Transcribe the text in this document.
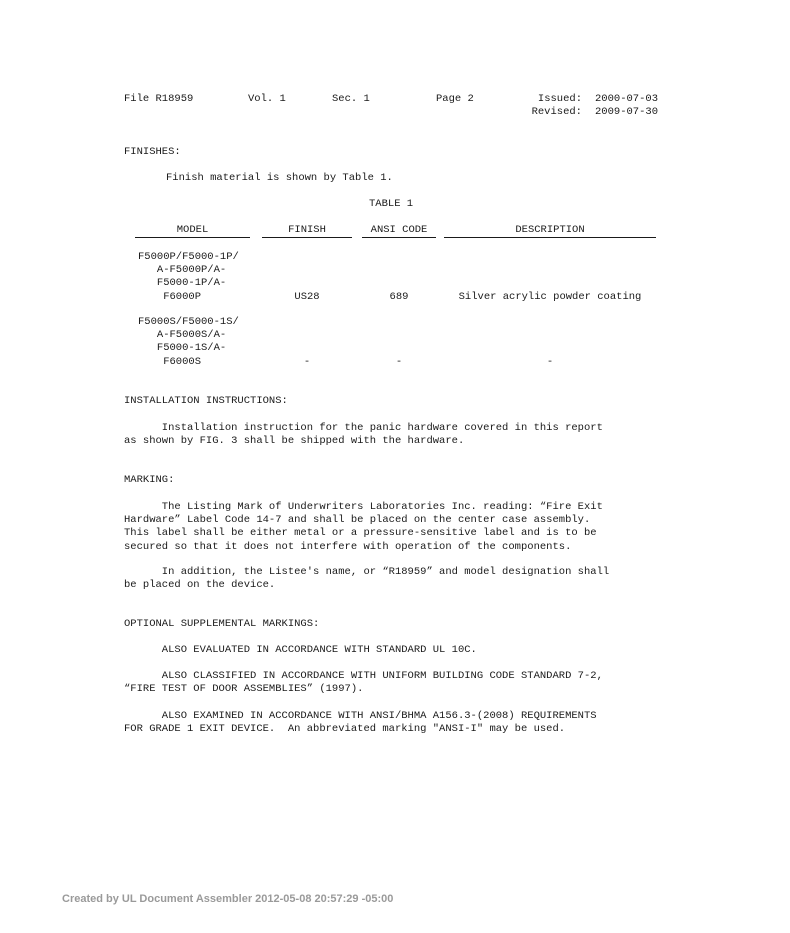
File R18959	Vol. 1	Sec. 1	Page 2	Issued: 2000-07-03
Revised: 2009-07-30
FINISHES:
Finish material is shown by Table 1.
TABLE 1
MODEL	FINISH	ANSI CODE	DESCRIPTION
F5000P/F5000-1P/
A-F5000P/A-
F5000-1P/A-
F6000P	US28	689	Silver acrylic powder coating
F5000S/F5000-1S/
A-F5000S/A-
F5000-1S/A-
F6000S	-	-	-
INSTALLATION INSTRUCTIONS:
Installation instruction for the panic hardware covered in this report
as shown by FIG. 3 shall be shipped with the hardware.
MARKING:
The Listing Mark of Underwriters Laboratories Inc. reading: “Fire Exit
Hardware” Label Code 14-7 and shall be placed on the center case assembly.
This label shall be either metal or a pressure-sensitive label and is to be
secured so that it does not interfere with operation of the components.
In addition, the Listee's name, or “R18959” and model designation shall
be placed on the device.
OPTIONAL SUPPLEMENTAL MARKINGS:
ALSO EVALUATED IN ACCORDANCE WITH STANDARD UL 10C.
ALSO CLASSIFIED IN ACCORDANCE WITH UNIFORM BUILDING CODE STANDARD 7-2,
“FIRE TEST OF DOOR ASSEMBLIES” (1997).
ALSO EXAMINED IN ACCORDANCE WITH ANSI/BHMA A156.3-(2008) REQUIREMENTS
FOR GRADE 1 EXIT DEVICE.  An abbreviated marking "ANSI-I" may be used.
Created by UL Document Assembler 2012-05-08 20:57:29 -05:00
